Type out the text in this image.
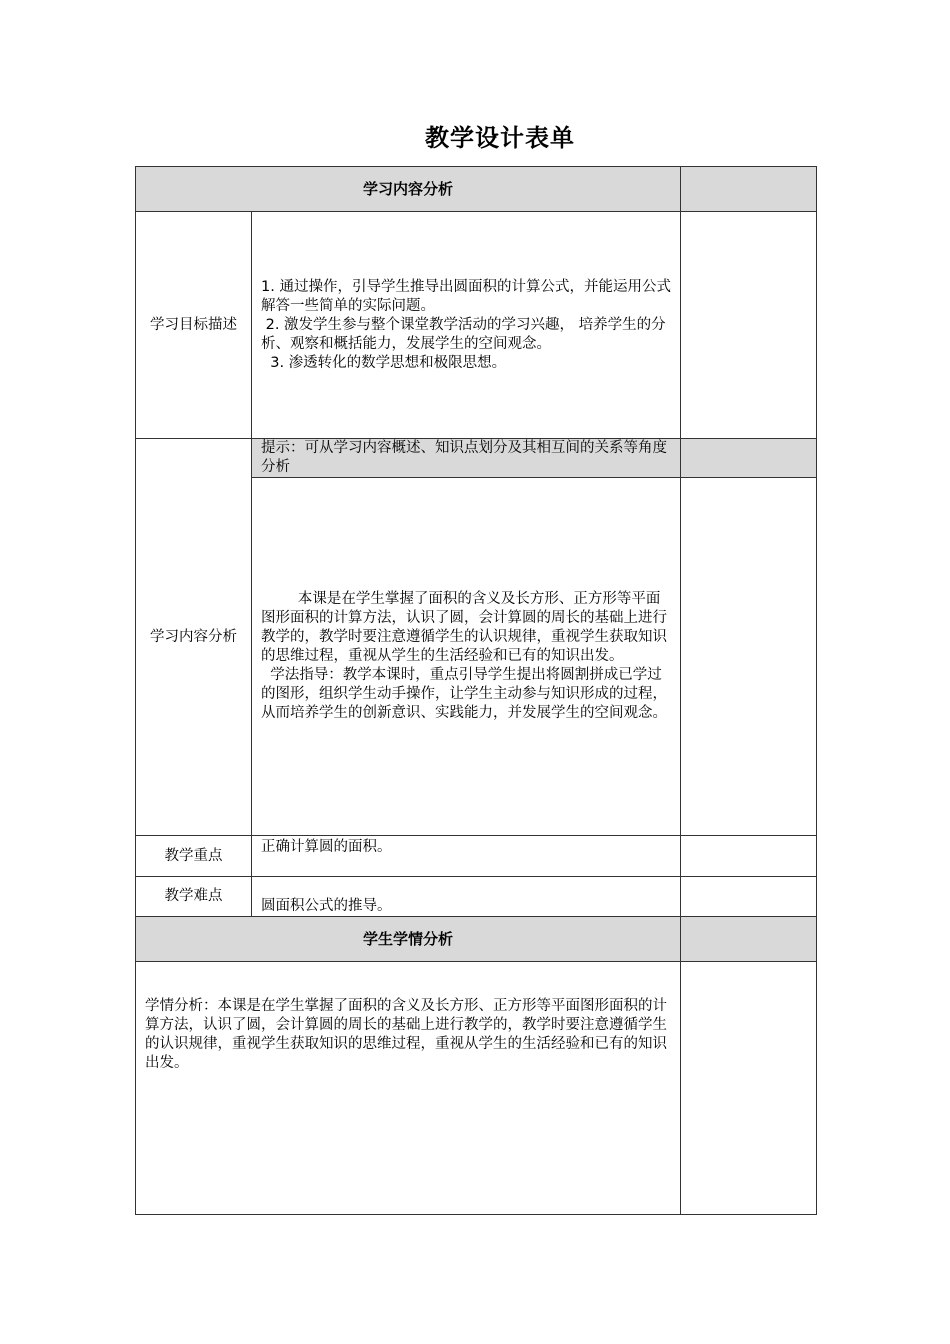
教学设计表单
学习内容分析		
学习目标描述	1. 通过操作，引导学生推导出圆面积的计算公式，并能运用公式解答一些简单的实际问题。

2. 激发学生参与整个课堂教学活动的学习兴趣， 培养学生的分析、观察和概括能力，发展学生的空间观念。

3. 渗透转化的数学思想和极限思想。	

学习内容分析	提示：可从学习内容概述、知识点划分及其相互间的关系等角度分析	

	本课是在学生掌握了面积的含义及长方形、正方形等平面图形面积的计算方法，认识了圆，会计算圆的周长的基础上进行教学的，教学时要注意遵循学生的认识规律，重视学生获取知识的思维过程，重视从学生的生活经验和已有的知识出发。

学法指导：教学本课时，重点引导学生提出将圆割拼成已学过的图形，组织学生动手操作，让学生主动参与知识形成的过程，从而培养学生的创新意识、实践能力，并发展学生的空间观念。	

教学重点	正确计算圆的面积。	
教学难点	圆面积公式的推导。	
学生学情分析		
学情分析：本课是在学生掌握了面积的含义及长方形、正方形等平面图形面积的计算方法，认识了圆，会计算圆的周长的基础上进行教学的，教学时要注意遵循学生的认识规律，重视学生获取知识的思维过程，重视从学生的生活经验和已有的知识出发。		
